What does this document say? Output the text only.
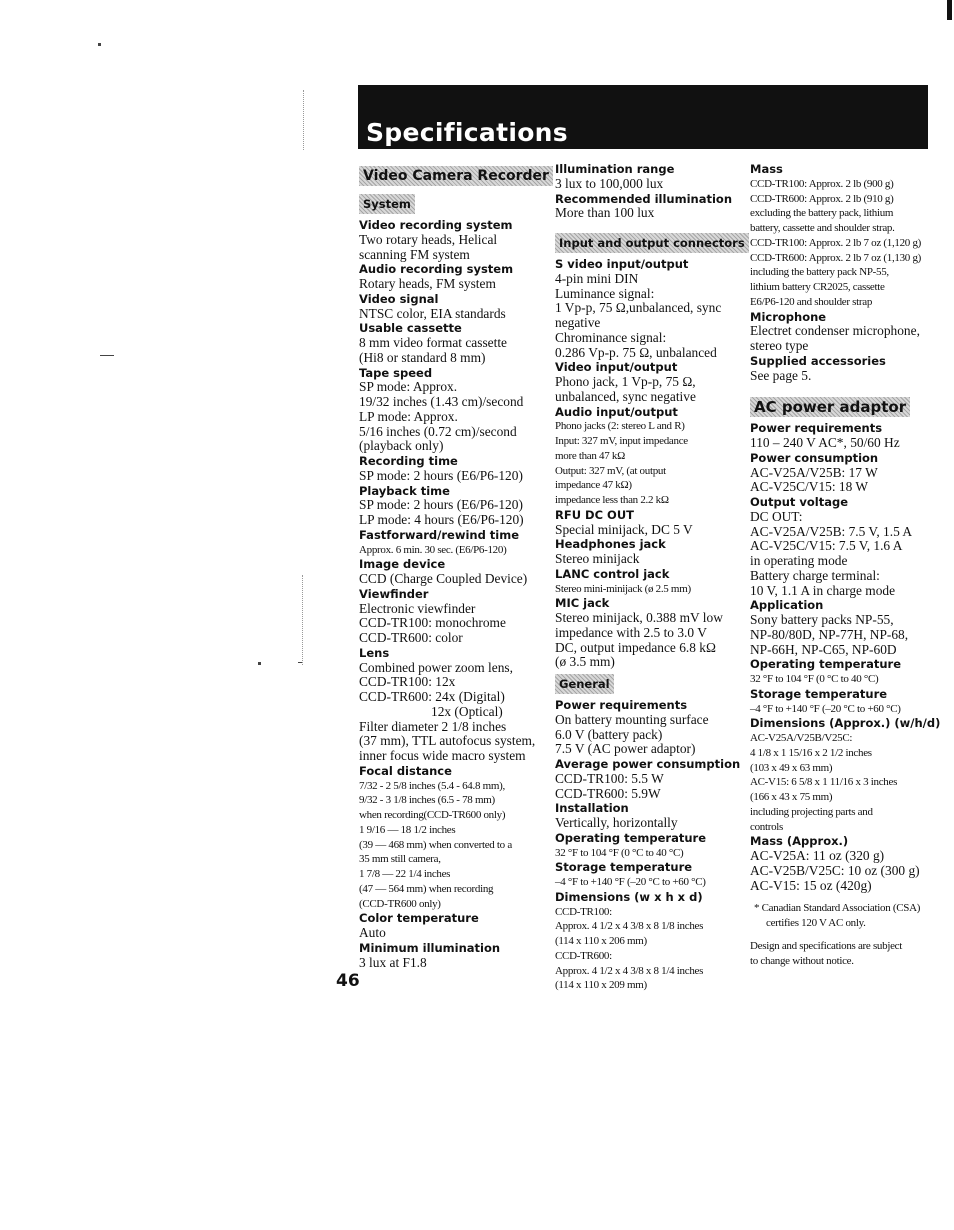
Specifications
Video Camera Recorder
System
Video recording system
Two rotary heads, Helical
scanning FM system
Audio recording system
Rotary heads, FM system
Video signal
NTSC color, EIA standards
Usable cassette
8 mm video format cassette
(Hi8 or standard 8 mm)
Tape speed
SP mode: Approx.
19/32 inches (1.43 cm)/second
LP mode: Approx.
5/16 inches (0.72 cm)/second
(playback only)
Recording time
SP mode: 2 hours (E6/P6-120)
Playback time
SP mode: 2 hours (E6/P6-120)
LP mode: 4 hours (E6/P6-120)
Fastforward/rewind time
Approx. 6 min. 30 sec. (E6/P6-120)
Image device
CCD (Charge Coupled Device)
Viewfinder
Electronic viewfinder
CCD-TR100: monochrome
CCD-TR600: color
Lens
Combined power zoom lens,
CCD-TR100: 12x
CCD-TR600: 24x (Digital)
12x (Optical)
Filter diameter 2 1/8 inches
(37 mm), TTL autofocus system,
inner focus wide macro system
Focal distance
7/32 - 2 5/8 inches (5.4 - 64.8 mm),
9/32 - 3 1/8 inches (6.5 - 78 mm)
when recording(CCD-TR600 only)
1 9/16 — 18 1/2 inches
(39 — 468 mm) when converted to a
35 mm still camera,
1 7/8 — 22 1/4 inches
(47 — 564 mm) when recording
(CCD-TR600 only)
Color temperature
Auto
Minimum illumination
3 lux at F1.8
Illumination range
3 lux to 100,000 lux
Recommended illumination
More than 100 lux
Input and output connectors
S video input/output
4-pin mini DIN
Luminance signal:
1 Vp-p, 75 Ω,unbalanced, sync
negative
Chrominance signal:
0.286 Vp-p. 75 Ω, unbalanced
Video input/output
Phono jack, 1 Vp-p, 75 Ω,
unbalanced, sync negative
Audio input/output
Phono jacks (2: stereo L and R)
Input: 327 mV, input impedance
more than 47 kΩ
Output: 327 mV, (at output
impedance 47 kΩ)
impedance less than 2.2 kΩ
RFU DC OUT
Special minijack, DC 5 V
Headphones jack
Stereo minijack
LANC control jack
Stereo mini-minijack (ø 2.5 mm)
MIC jack
Stereo minijack, 0.388 mV low
impedance with 2.5 to 3.0 V
DC, output impedance 6.8 kΩ
(ø 3.5 mm)
General
Power requirements
On battery mounting surface
6.0 V (battery pack)
7.5 V (AC power adaptor)
Average power consumption
CCD-TR100: 5.5 W
CCD-TR600: 5.9W
Installation
Vertically, horizontally
Operating temperature
32 °F to 104 °F (0 °C to 40 °C)
Storage temperature
–4 °F to +140 °F (–20 °C to +60 °C)
Dimensions (w x h x d)
CCD-TR100:
Approx. 4 1/2 x 4 3/8 x 8 1/8 inches
(114 x 110 x 206 mm)
CCD-TR600:
Approx. 4 1/2 x 4 3/8 x 8 1/4 inches
(114 x 110 x 209 mm)
Mass
CCD-TR100: Approx. 2 lb (900 g)
CCD-TR600: Approx. 2 lb (910 g)
excluding the battery pack, lithium
battery, cassette and shoulder strap.
CCD-TR100: Approx. 2 lb 7 oz (1,120 g)
CCD-TR600: Approx. 2 lb 7 oz (1,130 g)
including the battery pack NP-55,
lithium battery CR2025, cassette
E6/P6-120 and shoulder strap
Microphone
Electret condenser microphone,
stereo type
Supplied accessories
See page 5.
AC power adaptor
Power requirements
110 – 240 V AC*, 50/60 Hz
Power consumption
AC-V25A/V25B: 17 W
AC-V25C/V15: 18 W
Output voltage
DC OUT:
AC-V25A/V25B: 7.5 V, 1.5 A
AC-V25C/V15: 7.5 V, 1.6 A
in operating mode
Battery charge terminal:
10 V, 1.1 A in charge mode
Application
Sony battery packs NP-55,
NP-80/80D, NP-77H, NP-68,
NP-66H, NP-C65, NP-60D
Operating temperature
32 °F to 104 °F (0 °C to 40 °C)
Storage temperature
–4 °F to +140 °F (–20 °C to +60 °C)
Dimensions (Approx.) (w/h/d)
AC-V25A/V25B/V25C:
4 1/8 x 1 15/16 x 2 1/2 inches
(103 x 49 x 63 mm)
AC-V15: 6 5/8 x 1 11/16 x 3 inches
(166 x 43 x 75 mm)
including projecting parts and
controls
Mass (Approx.)
AC-V25A: 11 oz (320 g)
AC-V25B/V25C: 10 oz (300 g)
AC-V15: 15 oz (420g)
* Canadian Standard Association (CSA) certifies 120 V AC only.
Design and specifications are subject
to change without notice.
46
